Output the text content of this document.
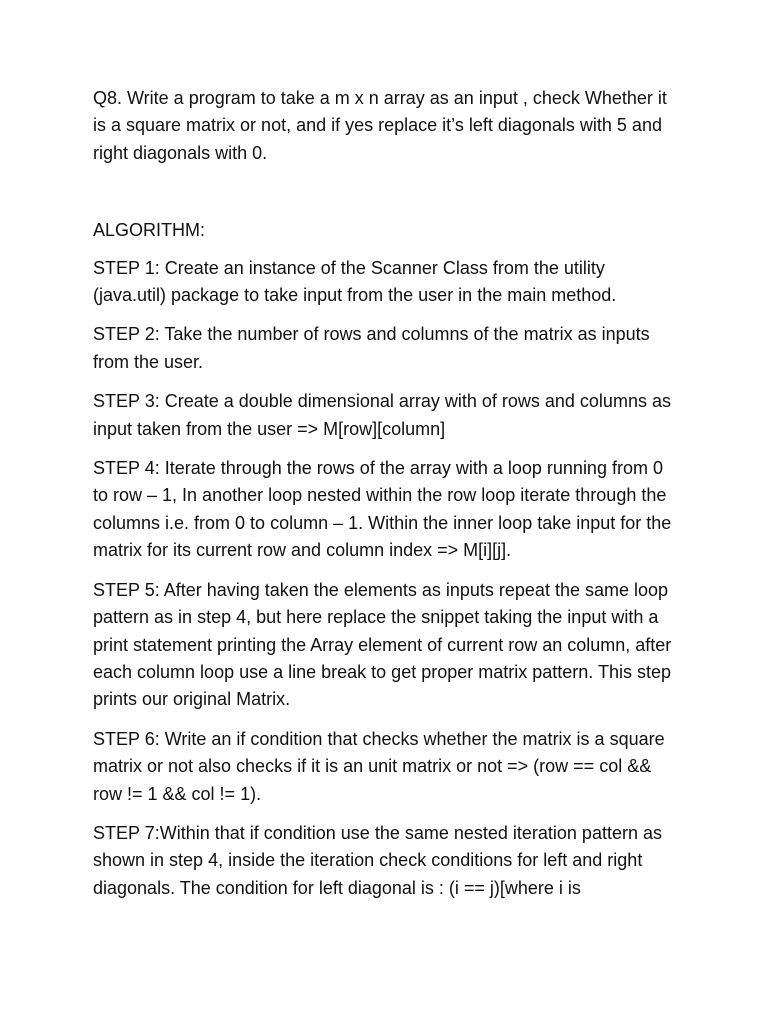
Q8. Write a program to take a m x n array as an input , check Whether it is a square matrix or not, and if yes replace it’s left diagonals with 5 and right diagonals with 0.

ALGORITHM:

STEP 1: Create an instance of the Scanner Class from the utility (java.util) package to take input from the user in the main method.

STEP 2: Take the number of rows and columns of the matrix as inputs from the user.

STEP 3: Create a double dimensional array with of rows and columns as input taken from the user => M[row][column]

STEP 4: Iterate through the rows of the array with a loop running from 0 to row – 1, In another loop nested within the row loop iterate through the columns i.e. from 0 to column – 1. Within the inner loop take input for the matrix for its current row and column index => M[i][j].

STEP 5: After having taken the elements as inputs repeat the same loop pattern as in step 4, but here replace the snippet taking the input with a print statement printing the Array element of current row an column, after each column loop use a line break to get proper matrix pattern. This step prints our original Matrix.

STEP 6: Write an if condition that checks whether the matrix is a square matrix or not also checks if it is an unit matrix or not => (row == col && row != 1 && col != 1).

STEP 7:Within that if condition use the same nested iteration pattern as shown in step 4, inside the iteration check conditions for left and right diagonals. The condition for left diagonal is : (i == j)[where i is
